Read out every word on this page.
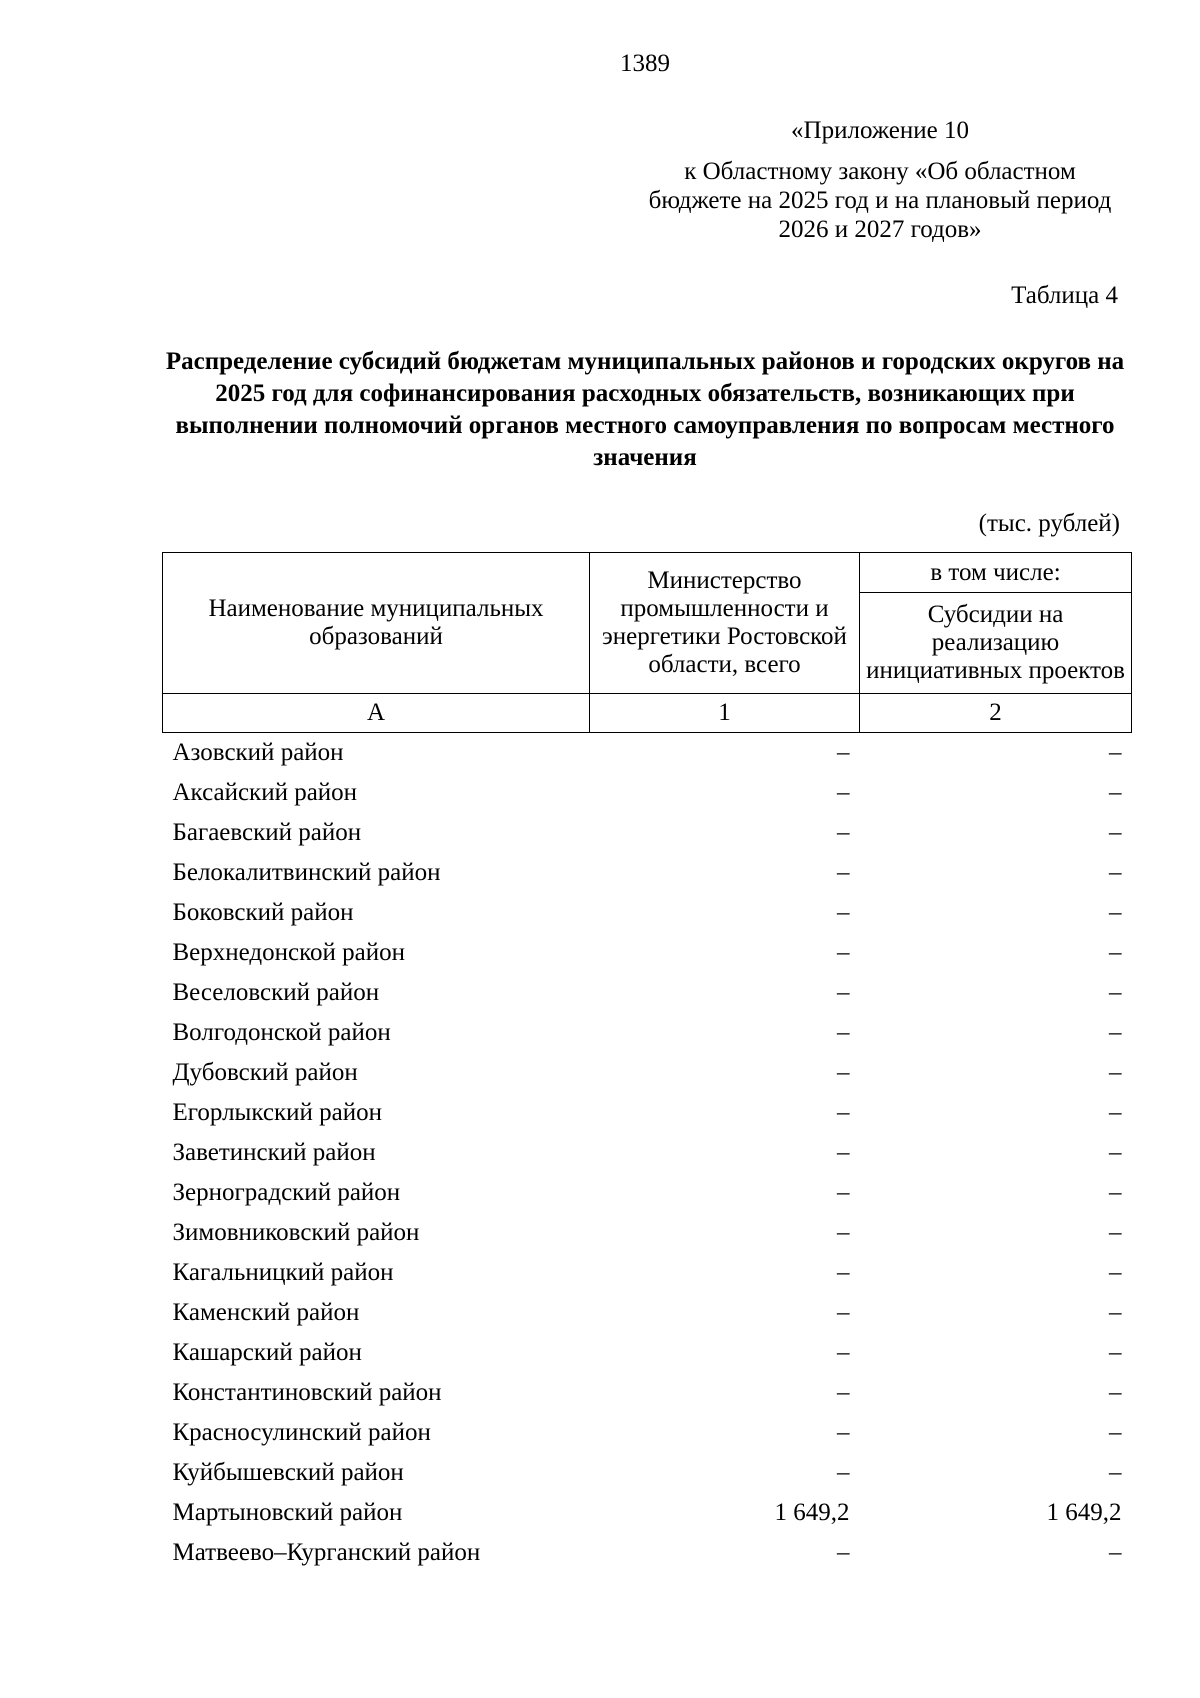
1389

«Приложение 10

к Областному закону «Об областном бюджете на 2025 год и на плановый период 2026 и 2027 годов»

Таблица 4
Распределение субсидий бюджетам муниципальных районов и городских округов на 2025 год для софинансирования расходных обязательств, возникающих при выполнении полномочий органов местного самоуправления по вопросам местного значения
(тыс. рублей)
Наименование муниципальных образований	Министерство промышленности и энергетики Ростовской области, всего	в том числе:
		Субсидии на реализацию инициативных проектов
А	1	2
Азовский район	–	–
Аксайский район	–	–
Багаевский район	–	–
Белокалитвинский район	–	–
Боковский район	–	–
Верхнедонской район	–	–
Веселовский район	–	–
Волгодонской район	–	–
Дубовский район	–	–
Егорлыкский район	–	–
Заветинский район	–	–
Зерноградский район	–	–
Зимовниковский район	–	–
Кагальницкий район	–	–
Каменский район	–	–
Кашарский район	–	–
Константиновский район	–	–
Красносулинский район	–	–
Куйбышевский район	–	–
Мартыновский район	1 649,2	1 649,2
Матвеево–Курганский район	–	–
